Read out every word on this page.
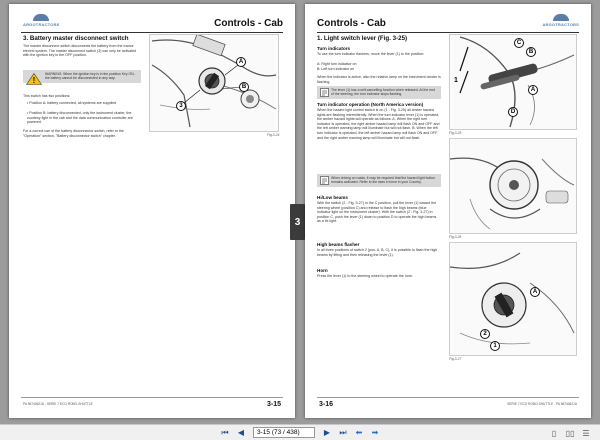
ARGOTRACTORS	Controls - Cab
3. Battery master disconnect switch
The master disconnect switch disconnects the battery from the tractor electric system. The master disconnect switch (3) can only be activated with the ignition key in the OFF position.
!
WARNING: When the ignition key is in the position Key ON, the battery cannot be disconnected in any way.
This switch has two positions:
• Position A: battery connected, all systems are supplied
• Position B: battery disconnected, only the instrument cluster, the courtesy light in the cab and the data communication controller are powered.
For a correct use of the battery disconnector switch, refer to the "Operation" section, "Battery disconnector switch" chapter.
A
B
3
Fig.3-24
PA 5674062JU - SERIE 7 ECO ROBO-SHUTTLE	3-15
3
ARGOTRACTORS
Controls - Cab
1. Light switch lever (Fig. 3-25)
Turn indicators
To use the turn indicator flashers, move the lever (1) to the position:
A: Right turn indicator on
B: Left turn indicator on
When the indicator is active, also the relative lamp on the instrument cluster is flashing.
The lever (1) has a self-cancelling function when released. At the end of the steering, the turn indicator stops flashing.
Turn indicator operation (North America version)
When the hazard light control switch is on (1 - Fig. 3-25) all amber hazard lights are flashing intermittently. When the turn indicator lever (1) is operated, the amber hazard lights will operate as follows: A. When the right turn indicator is operated, the right amber hazard lamp will flash ON and OFF and the left amber warning lamp will illuminate but will not flash. B. When the left turn indicator is operated, the left amber hazard lamp will flash ON and OFF and the right amber warning lamp will illuminate but will not flash.
When driving on roads, it may be required that the hazard light button remains activated. Refer to the laws in force in your Country.
Hi/Low beams
With the switch (2 - Fig. 3-27) in the C position, pull the lever (1) toward the steering wheel (position C) and release to flash the high beams (blue indicator light on the instrument cluster). With the switch (2 - Fig. 3-27) in position C, push the lever (1) down to position D to operate the high beams as a fix light.
High beams flasher
In all three positions of switch 2 (pos. A, B, C), it is possible to flash the high beams by lifting and then releasing the lever (1).
Horn
Press the lever (1) to the steering wheel to operate the horn.
C
B
A
D
1
Fig.3-25
Fig.3-26
A
2
1
Fig.3-27
SERIE 7 ECO ROBO-SHUTTLE - PA 5674062JU
3-16
⏮	◀
3-15 (73 / 438)	▶	⏭	⬅	➡	▯	▯▯	☰
